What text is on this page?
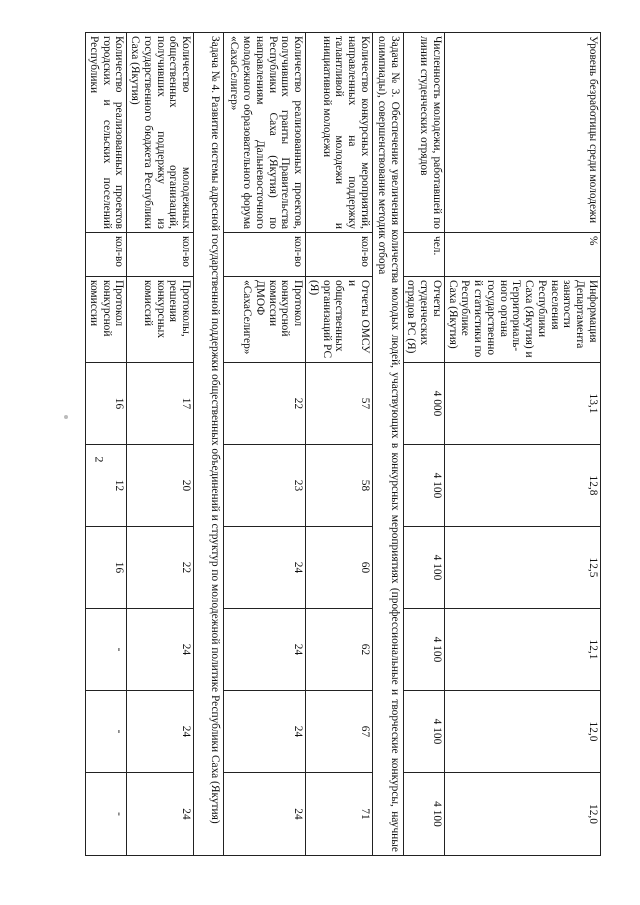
2
Уровень безработицы среди молодежи	%	Информация Департамента занятости населения Республики Саха (Якутия) и Территориаль-ного органа государственной статистики по Республике Саха (Якутия)	13,1	12,8	12,5	12,1	12,0	12,0
Численность молодежи, работавшей по линии студенческих отрядов	чел.	Отчеты студенческих отрядов РС (Я)	4 000	4 100	4 100	4 100	4 100	4 100
Задача № 3. Обеспечение увеличения количества молодых людей, участвующих в конкурсных мероприятиях (профессиональные и творческие конкурсы, научные олимпиады), совершенствование методик отбора								
Количество конкурсных мероприятий, направленных на поддержку талантливой молодежи и инициативной молодежи	кол-во	Отчеты ОМСУ и общественных организаций РС (Я)	57	58	60	62	67	71
Количество реализованных проектов, получивших гранты Правительства Республики Саха (Якутия) по направлениям Дальневосточного молодежного образовательного форума «СахаСелигер»	кол-во	Протокол конкурсной комиссии ДМОФ «СахаСелигер»	22	23	24	24	24	24
Задача № 4. Развитие системы адресной государственной поддержки общественных объединений и структур по молодежной политике Республики Саха (Якутия)								
Количество молодежных общественных организаций, получивших поддержку из государственного бюджета Республики Саха (Якутия)	кол-во	Протоколы, решения конкурсных комиссий	17	20	22	24	24	24
Количество реализованных проектов городских и сельских поселений Республики	кол-во	Протокол конкурсной комиссии	16	12	16	-	-	-
